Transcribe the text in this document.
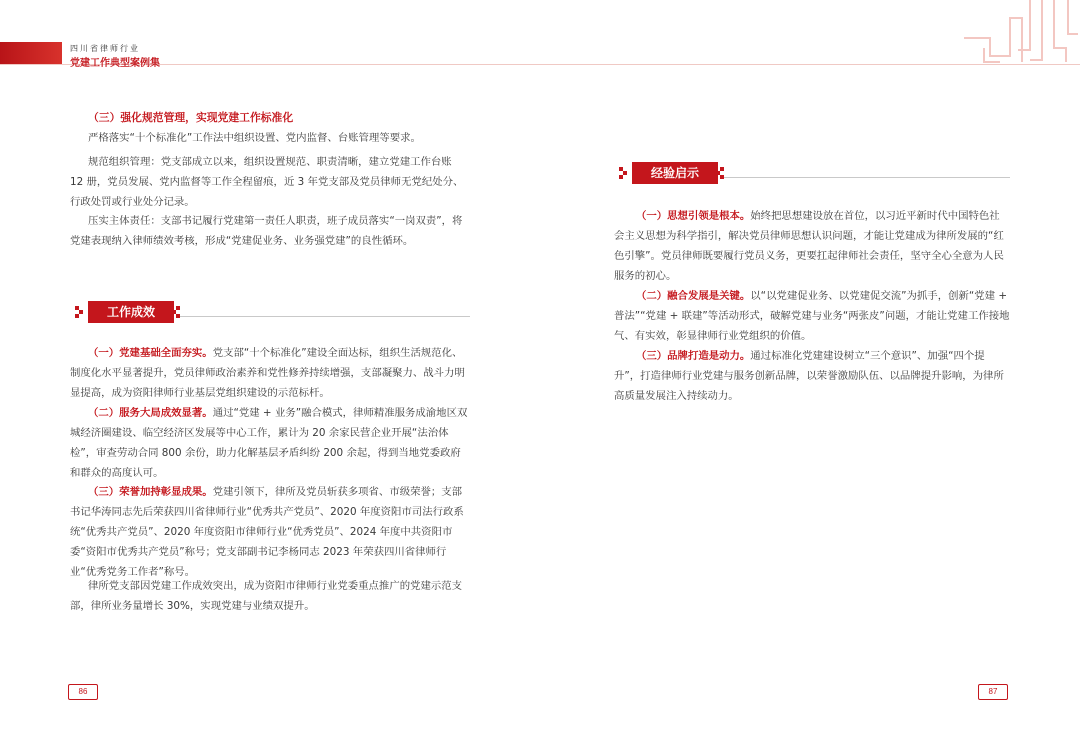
四川省律师行业
党建工作典型案例集
（三）强化规范管理，实现党建工作标准化

严格落实“十个标准化”工作法中组织设置、党内监督、台账管理等要求。

规范组织管理：党支部成立以来，组织设置规范、职责清晰，建立党建工作台账 12 册，党员发展、党内监督等工作全程留痕，近 3 年党支部及党员律师无党纪处分、行政处罚或行业处分记录。

压实主体责任：支部书记履行党建第一责任人职责，班子成员落实“一岗双责”，将党建表现纳入律师绩效考核，形成“党建促业务、业务强党建”的良性循环。

工作成效

（一）党建基础全面夯实。党支部“十个标准化”建设全面达标，组织生活规范化、制度化水平显著提升，党员律师政治素养和党性修养持续增强，支部凝聚力、战斗力明显提高，成为资阳律师行业基层党组织建设的示范标杆。

（二）服务大局成效显著。通过“党建 + 业务”融合模式，律师精准服务成渝地区双城经济圈建设、临空经济区发展等中心工作，累计为 20 余家民营企业开展“法治体检”，审查劳动合同 800 余份，助力化解基层矛盾纠纷 200 余起，得到当地党委政府和群众的高度认可。

（三）荣誉加持彰显成果。党建引领下，律所及党员斩获多项省、市级荣誉；支部书记华涛同志先后荣获四川省律师行业“优秀共产党员”、2020 年度资阳市司法行政系统“优秀共产党员”、2020 年度资阳市律师行业“优秀党员”、2024 年度中共资阳市委“资阳市优秀共产党员”称号；党支部副书记李杨同志 2023 年荣获四川省律师行业“优秀党务工作者”称号。

律所党支部因党建工作成效突出，成为资阳市律师行业党委重点推广的党建示范支部，律所业务量增长 30%，实现党建与业绩双提升。

86
经验启示

（一）思想引领是根本。始终把思想建设放在首位，以习近平新时代中国特色社会主义思想为科学指引，解决党员律师思想认识问题，才能让党建成为律所发展的“红色引擎”。党员律师既要履行党员义务，更要扛起律师社会责任，坚守全心全意为人民服务的初心。

（二）融合发展是关键。以“以党建促业务、以党建促交流”为抓手，创新“党建 + 普法”“党建 + 联建”等活动形式，破解党建与业务“两张皮”问题，才能让党建工作接地气、有实效，彰显律师行业党组织的价值。

（三）品牌打造是动力。通过标准化党建建设树立“三个意识”、加强“四个提升”，打造律师行业党建与服务创新品牌，以荣誉激励队伍、以品牌提升影响，为律所高质量发展注入持续动力。

87
